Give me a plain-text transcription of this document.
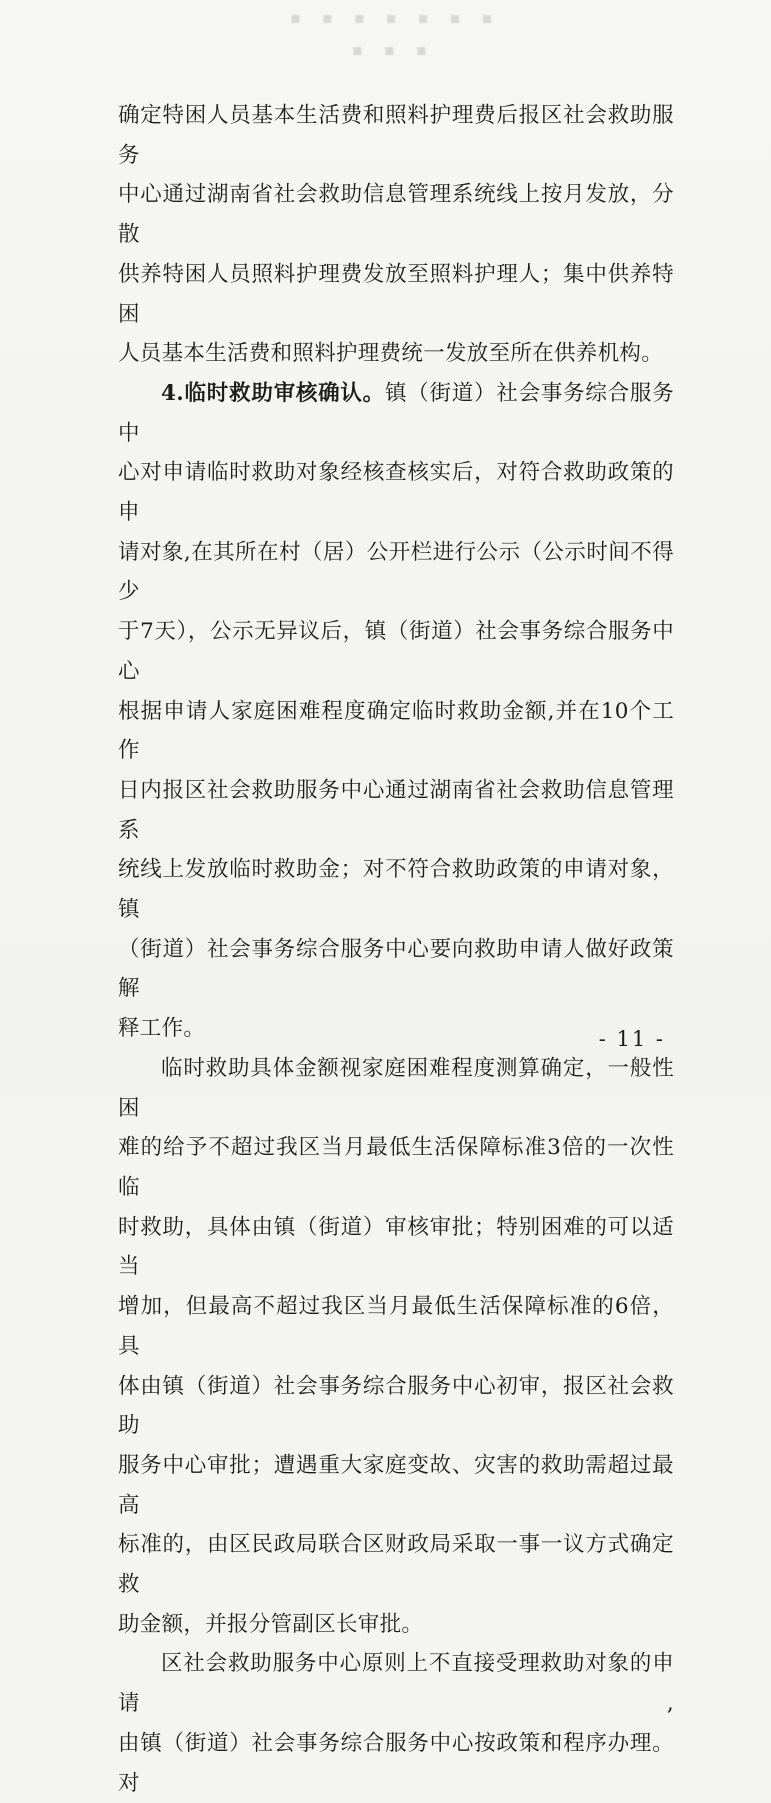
▪ ▪ ▪ ▪ ▪ ▪ ▪
▪ ▪ ▪

确定特困人员基本生活费和照料护理费后报区社会救助服务

中心通过湖南省社会救助信息管理系统线上按月发放，分散

供养特困人员照料护理费发放至照料护理人；集中供养特困

人员基本生活费和照料护理费统一发放至所在供养机构。

4.临时救助审核确认。镇（街道）社会事务综合服务中

心对申请临时救助对象经核查核实后，对符合救助政策的申

请对象,在其所在村（居）公开栏进行公示（公示时间不得少

于7天），公示无异议后，镇（街道）社会事务综合服务中心

根据申请人家庭困难程度确定临时救助金额,并在10个工作

日内报区社会救助服务中心通过湖南省社会救助信息管理系

统线上发放临时救助金；对不符合救助政策的申请对象，镇

（街道）社会事务综合服务中心要向救助申请人做好政策解

释工作。

临时救助具体金额视家庭困难程度测算确定，一般性困

难的给予不超过我区当月最低生活保障标准3倍的一次性临

时救助，具体由镇（街道）审核审批；特别困难的可以适当

增加，但最高不超过我区当月最低生活保障标准的6倍，具

体由镇（街道）社会事务综合服务中心初审，报区社会救助

服务中心审批；遭遇重大家庭变故、灾害的救助需超过最高

标准的，由区民政局联合区财政局采取一事一议方式确定救

助金额，并报分管副区长审批。

区社会救助服务中心原则上不直接受理救助对象的申请,

由镇（街道）社会事务综合服务中心按政策和程序办理。对

- 11 -
